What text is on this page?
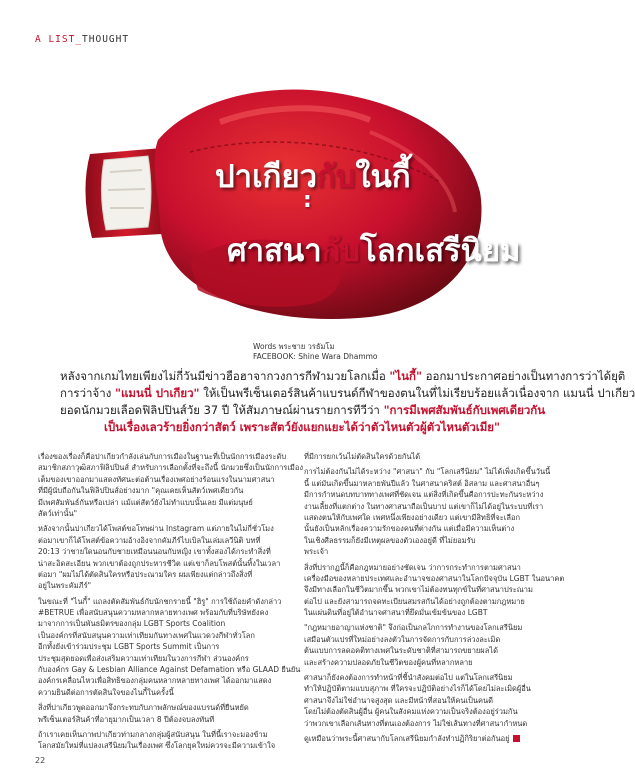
A LIST_THOUGHT
ปาเกียวกับในกี้
:
ศาสนากับโลกเสรีนิยม
Words พระชาย วรธัมโม
FACEBOOK: Shine Wara Dhammo
หลังจากเกมไทยเพียงไม่กี่วันมีข่าวฮือฮาจากวงการกีฬามวยโลกเมื่อ "ไนกี้" ออกมาประกาศอย่างเป็นทางการว่าได้ยุติ
การว่าจ้าง "แมนนี่ ปาเกียว" ให้เป็นพรีเซ็นเตอร์สินค้าแบรนด์กีฬาของตนในที่ไม่เรียบร้อยแล้วเนื่องจาก แมนนี่ ปาเกียว
ยอดนักมวยเลือดฟิลิปปินส์วัย 37 ปี ให้สัมภาษณ์ผ่านรายการทีวีว่า "การมีเพศสัมพันธ์กับเพศเดียวกัน
เป็นเรื่องเลวร้ายยิ่งกว่าสัตว์ เพราะสัตว์ยังแยกแยะได้ว่าตัวไหนตัวผู้ตัวไหนตัวเมีย"
เรื่องของเรื่องก็คือปาเกียวกำลังเล่นกับการเมืองในฐานะที่เป็นนักการเมืองระดับ
สมาชิกสภาวุฒิสภาฟิลิปปินส์ สำหรับการเลือกตั้งที่จะถึงนี้ นักมวยซึ่งเป็นนักการเมือง
เต็มของเขาออกมาแสดงทัศนะต่อต้านเรื่องเพศอย่างร้อนแรงในนามศาสนา
ที่มีผู้นับถือกันในฟิลิปปินส์อย่างมาก "คุณเคยเห็นสัตว์เพศเดียวกัน
มีเพศสัมพันธ์กันหรือเปล่า แม้แต่สัตว์ยังไม่ทำแบบนั้นเลย มีแต่มนุษย์
สัตว์เท่านั้น"
หลังจากนั้นปาเกียวได้โพสต์ขอโทษผ่าน Instagram แต่ภายในไม่กี่ชั่วโมง
ต่อมาเขาก็ได้โพสต์ข้อความอ้างอิงจากคัมภีร์ไบเบิลในเล่มเลวีนิติ บทที่
20:13 ว่าชายใดนอนกับชายเหมือนนอนกับหญิง เขาทั้งสองได้กระทำสิ่งที่
น่าสะอิดสะเอียน พวกเขาต้องถูกประหารชีวิต แต่เขาก็ลบโพสต์นั้นทิ้งในเวลา
ต่อมา "ผมไม่ได้ตัดสินใครหรือประณามใคร ผมเพียงแต่กล่าวถึงสิ่งที่
อยู่ในพระคัมภีร์"
ในขณะที่ "ไนกี้" แถลงตัดสัมพันธ์กับนักชกรายนี้ "ฮิรู" การใช้ถ้อยคำดังกล่าว
#BETRUE เพื่อสนับสนุนความหลากหลายทางเพศ พร้อมกับที่บริษัทยังคง
มาจากการเป็นพันธมิตรของกลุ่ม LGBT Sports Coalition
เป็นองค์กรที่สนับสนุนความเท่าเทียมกันทางเพศในแวดวงกีฬาทั่วโลก
อีกทั้งยังเข้าร่วมประชุม LGBT Sports Summit เป็นการ
ประชุมสุดยอดเพื่อส่งเสริมความเท่าเทียมในวงการกีฬา ส่วนองค์กร
กับองค์กร Gay & Lesbian Alliance Against Defamation หรือ GLAAD ยืนยัน
องค์กรเคลื่อนไหวเพื่อสิทธิของกลุ่มคนหลากหลายทางเพศ ได้ออกมาแสดง
ความยินดีต่อการตัดสินใจของไนกี้ในครั้งนี้
สิ่งที่ปาเกียวพูดออกมาจึงกระทบกับภาพลักษณ์ของแบรนด์ที่ยืนหยัด
พรีเซ็นเตอร์สินค้าที่อายุมากเป็นเวลา 8 ปีต้องจบลงทันที
ถ้าเราเคยเห็นภาพปาเกียวท่ามกลางกลุ่มผู้สนับสนุน ในที่นี้เราจะมองข้าม
โลกสมัยใหม่ที่แปลงเสรีนิยมในเรื่องเพศ ซึ่งโลกยุคใหม่ควรจะมีความเข้าใจ
ที่มีการยกเว้นไม่ตัดสินใครด้วยกันได้
การไม่ต้องกันไม่ได้ระหว่าง "ศาสนา" กับ "โลกเสรีนิยม" ไม่ได้เพิ่งเกิดขึ้นวันนี้
นี้ แต่มันเกิดขึ้นมาหลายพันปีแล้ว ในศาสนาคริสต์ อิสลาม และศาสนาอื่นๆ
มีการกำหนดบทบาททางเพศที่ชัดเจน แต่สิ่งที่เกิดขึ้นคือการปะทะกันระหว่าง
งานเลี้ยงที่แตกต่าง ในทางศาสนาถือเป็นบาป แต่เขาก็ไม่ได้อยู่ในระบบที่เรา
แสดงตนให้กับเพศใด เพศหนึ่งเพียงอย่างเดียว แต่เขามีสิทธิที่จะเลือก
นั้นยังเป็นหลักเรื่องความรักของคนที่ต่างกัน แต่เมื่อมีความเห็นต่าง
ในเชิงศีลธรรมก็ยังมีเหตุผลของตัวเองอยู่ดี ที่ไม่ยอมรับ
พระเจ้า
สิ่งที่ปรากฏนี้ก็คือกฎหมายอย่างชัดเจน ว่าการกระทำการตามศาสนา
เครื่องมือของหลายประเทศและอำนาจของศาสนาในโลกปัจจุบัน LGBT ในอนาคต
จึงมีทางเลือกในชีวิตมากขึ้น พวกเขาไม่ต้องทนทุกข์ในที่ศาสนาประณาม
ต่อไป และยังสามารถจดทะเบียนสมรสกันได้อย่างถูกต้องตามกฎหมาย
ในแผ่นดินที่อยู่ใต้อำนาจศาสนาที่ยึดมั่นเข้มข้นของ LGBT
"กฎหมายอาญาแห่งชาติ" จึงก่อเป็นกลไกการทำงานของโลกเสรีนิยม
เสมือนตัวแปรที่ใหม่อย่างลงตัวในการจัดการกับการล่วงละเมิด
ต้นแบบการลดอคติทางเพศในระดับชาติที่สามารถขยายผลได้
และสร้างความปลอดภัยในชีวิตของผู้คนที่หลากหลาย
ศาสนาก็ยังคงต้องการทำหน้าที่ชี้นำสังคมต่อไป แต่ในโลกเสรีนิยม
ทำให้ปฏิบัติตามแบบสุภาพ ที่ใครจะปฏิบัติอย่างไรก็ได้โดยไม่ละเมิดผู้อื่น
ศาสนาจึงไม่ใช่อำนาจสูงสุด และมีหน้าที่สอนให้คนเป็นคนดี
โดยไม่ต้องตัดสินผู้อื่น ผู้คนในสังคมแห่งความเป็นจริงต้องอยู่ร่วมกัน
ว่าพวกเขาเลือกเส้นทางที่ตนเองต้องการ ไม่ใช่เส้นทางที่ศาสนากำหนด
ดูเหมือนว่าพระนี้ศาสนากับโลกเสรีนิยมกำลังทำปฏิกิริยาต่อกันอยู่
22
